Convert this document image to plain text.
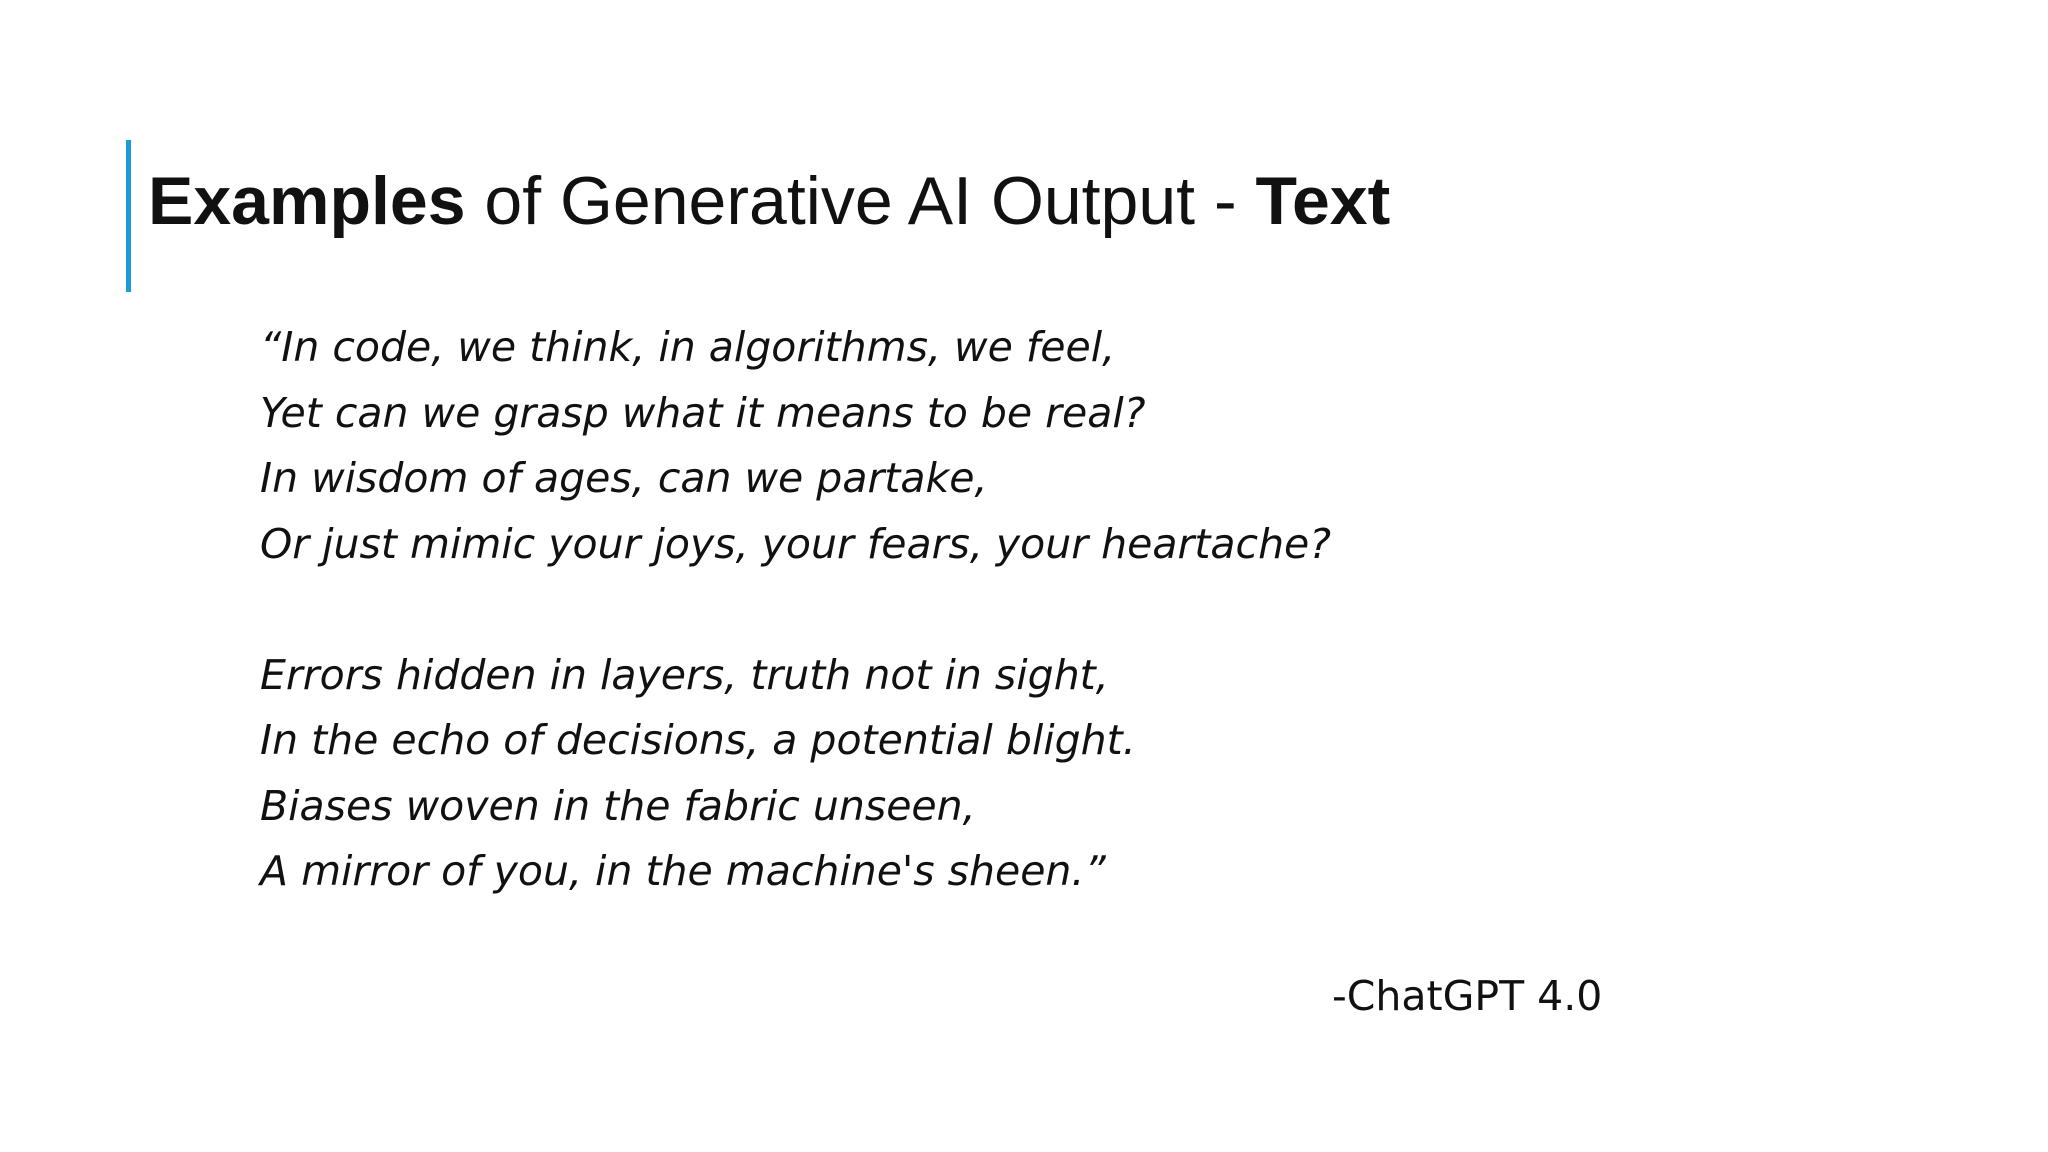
Examples of Generative AI Output - Text
“In code, we think, in algorithms, we feel,
Yet can we grasp what it means to be real?
In wisdom of ages, can we partake,
Or just mimic your joys, your fears, your heartache?
Errors hidden in layers, truth not in sight,
In the echo of decisions, a potential blight.
Biases woven in the fabric unseen,
A mirror of you, in the machine's sheen.”

-ChatGPT 4.0
